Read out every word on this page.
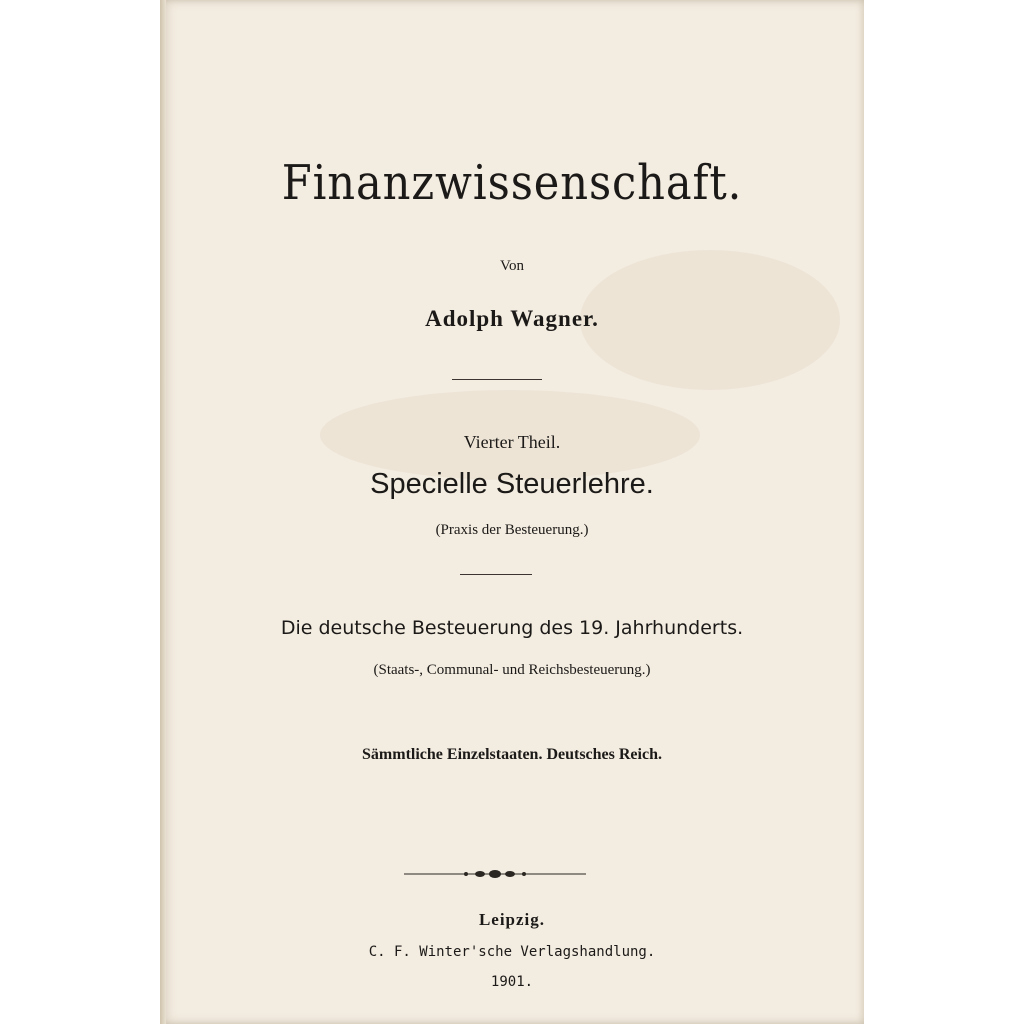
Finanzwissenschaft.
Von
Adolph Wagner.
Vierter Theil.
Specielle Steuerlehre.
(Praxis der Besteuerung.)
Die deutsche Besteuerung des 19. Jahrhunderts.
(Staats-, Communal- und Reichsbesteuerung.)
Sämmtliche Einzelstaaten. Deutsches Reich.
Leipzig.
C. F. Winter'sche Verlagshandlung.
1901.
